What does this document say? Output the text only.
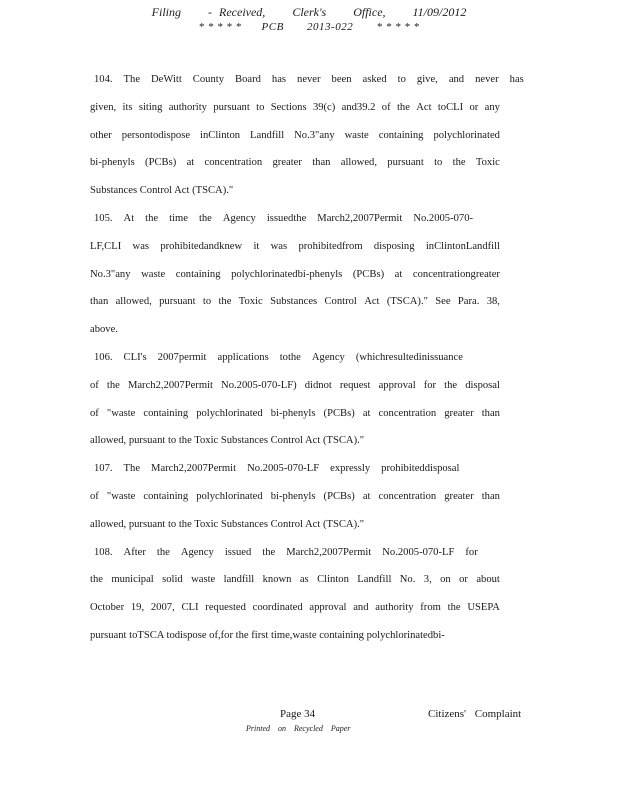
Filing - Received, Clerk's Office, 11/09/2012
* * * * * PCB 2013-022 * * * * *
104. The DeWitt County Board has never been asked to give, and never has
given, its siting authority pursuant to Sections 39(c) and39.2 of the Act toCLI or any
other persontodispose inClinton Landfill No.3"any waste containing polychlorinated
bi-phenyls (PCBs) at concentration greater than allowed, pursuant to the Toxic
Substances Control Act (TSCA)."
105. At the time the Agency issuedthe March2,2007Permit No.2005-070-
LF,CLI was prohibitedandknew it was prohibitedfrom disposing inClintonLandfill
No.3"any waste containing polychlorinatedbi-phenyls (PCBs) at concentrationgreater
than allowed, pursuant to the Toxic Substances Control Act (TSCA)." See Para. 38,
above.
106. CLI's 2007permit applications tothe Agency (whichresultedinissuance
of the March2,2007Permit No.2005-070-LF) didnot request approval for the disposal
of "waste containing polychlorinated bi-phenyls (PCBs) at concentration greater than
allowed, pursuant to the Toxic Substances Control Act (TSCA)."
107. The March2,2007Permit No.2005-070-LF expressly prohibiteddisposal
of "waste containing polychlorinated bi-phenyls (PCBs) at concentration greater than
allowed, pursuant to the Toxic Substances Control Act (TSCA)."
108. After the Agency issued the March2,2007Permit No.2005-070-LF for
the municipal solid waste landfill known as Clinton Landfill No. 3, on or about
October 19, 2007, CLI requested coordinated approval and authority from the USEPA
pursuant toTSCA todispose of,for the first time,waste containing polychlorinatedbi-
Page 34	Citizens' Complaint
Printed on Recycled Paper
